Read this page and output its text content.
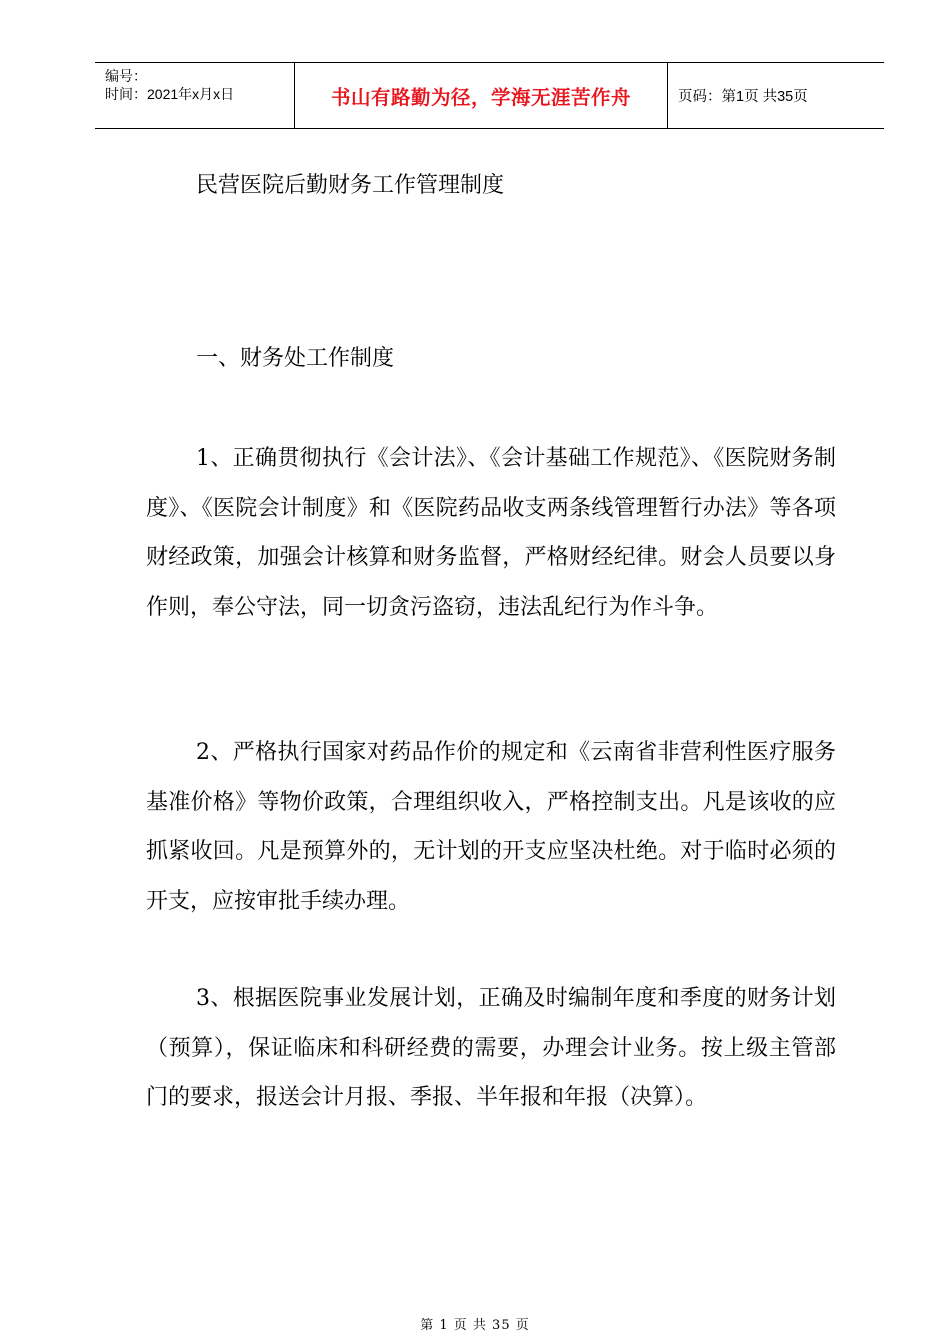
编号：
时间：2021年x月x日	书山有路勤为径，学海无涯苦作舟	页码：第1页 共35页
民营医院后勤财务工作管理制度
一、财务处工作制度

1、正确贯彻执行《会计法》、《会计基础工作规范》、《医院财务制度》、《医院会计制度》和《医院药品收支两条线管理暂行办法》等各项财经政策，加强会计核算和财务监督，严格财经纪律。财会人员要以身作则，奉公守法，同一切贪污盗窃，违法乱纪行为作斗争。

2、严格执行国家对药品作价的规定和《云南省非营利性医疗服务基准价格》等物价政策，合理组织收入，严格控制支出。凡是该收的应抓紧收回。凡是预算外的，无计划的开支应坚决杜绝。对于临时必须的开支，应按审批手续办理。

3、根据医院事业发展计划，正确及时编制年度和季度的财务计划（预算），保证临床和科研经费的需要，办理会计业务。按上级主管部门的要求，报送会计月报、季报、半年报和年报（决算）。

第 1 页 共 35 页
